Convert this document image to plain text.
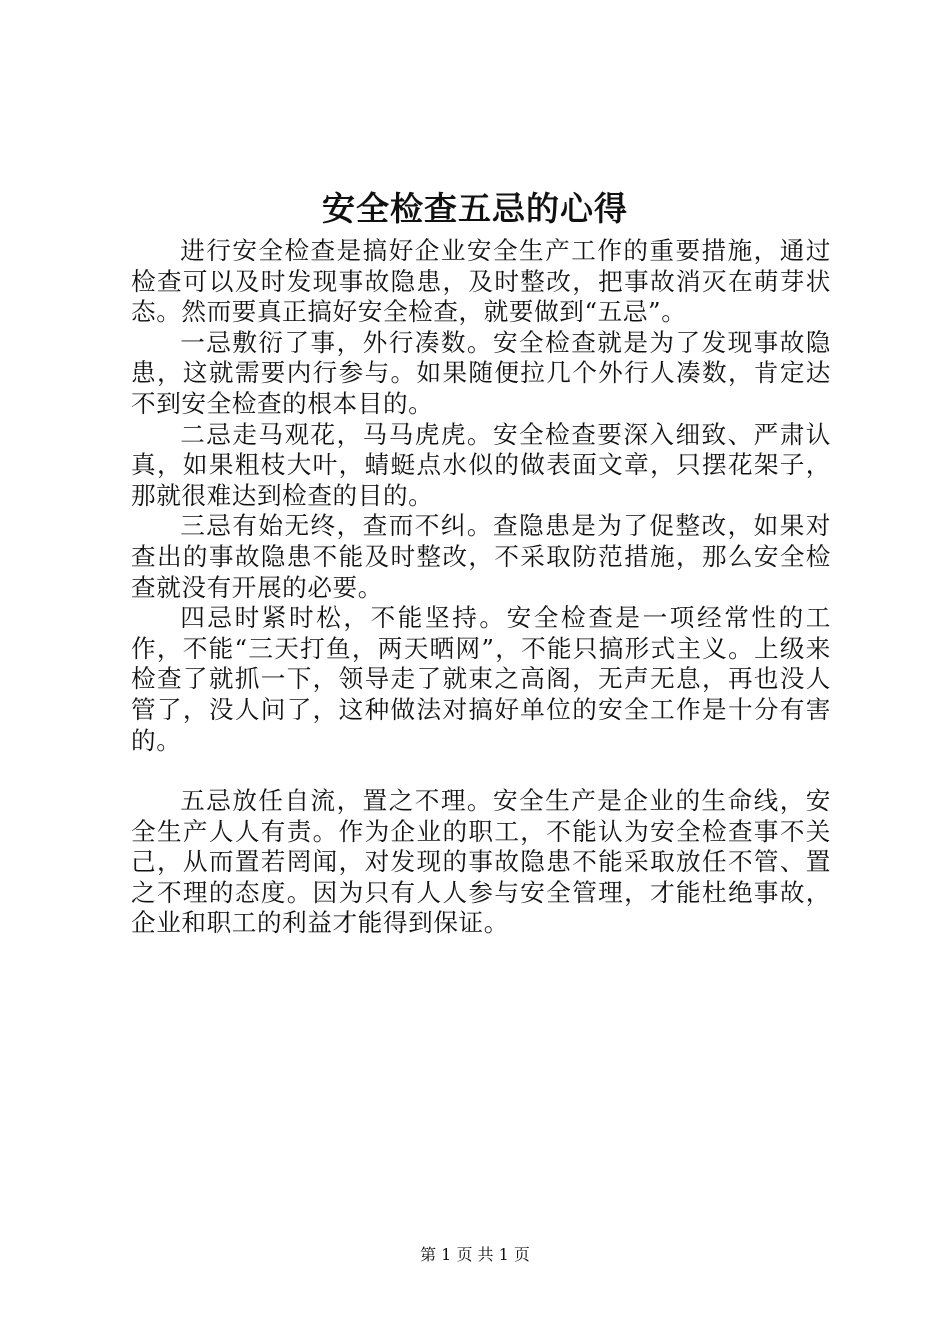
安全检查五忌的心得

进行安全检查是搞好企业安全生产工作的重要措施，通过检查可以及时发现事故隐患，及时整改，把事故消灭在萌芽状态。然而要真正搞好安全检查，就要做到“五忌”。

一忌敷衍了事，外行凑数。安全检查就是为了发现事故隐患，这就需要内行参与。如果随便拉几个外行人凑数，肯定达不到安全检查的根本目的。

二忌走马观花，马马虎虎。安全检查要深入细致、严肃认真，如果粗枝大叶，蜻蜓点水似的做表面文章，只摆花架子，那就很难达到检查的目的。

三忌有始无终，查而不纠。查隐患是为了促整改，如果对查出的事故隐患不能及时整改，不采取防范措施，那么安全检查就没有开展的必要。

四忌时紧时松，不能坚持。安全检查是一项经常性的工作，不能“三天打鱼，两天晒网”，不能只搞形式主义。上级来检查了就抓一下，领导走了就束之高阁，无声无息，再也没人管了，没人问了，这种做法对搞好单位的安全工作是十分有害的。

五忌放任自流，置之不理。安全生产是企业的生命线，安全生产人人有责。作为企业的职工，不能认为安全检查事不关己，从而置若罔闻，对发现的事故隐患不能采取放任不管、置之不理的态度。因为只有人人参与安全管理，才能杜绝事故，企业和职工的利益才能得到保证。

第 1 页 共 1 页
